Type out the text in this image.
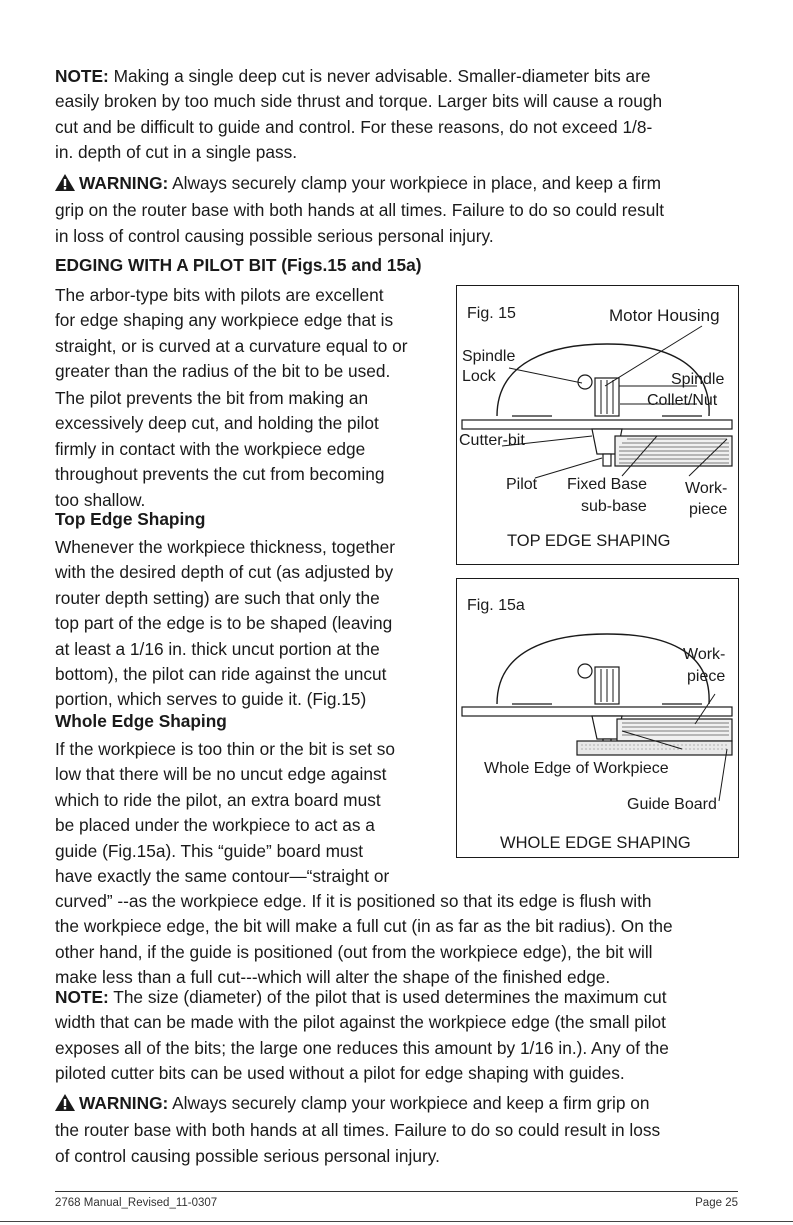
NOTE: Making a single deep cut is never advisable. Smaller-diameter bits are
easily broken by too much side thrust and torque. Larger bits will cause a rough
cut and be difficult to guide and control. For these reasons, do not exceed 1/8-
in. depth of cut in a single pass.

WARNING: Always securely clamp your workpiece in place, and keep a firm
grip on the router base with both hands at all times. Failure to do so could result
in loss of control causing possible serious personal injury.

EDGING WITH A PILOT BIT (Figs.15 and 15a)

The arbor-type bits with pilots are excellent
for edge shaping any workpiece edge that is
straight, or is curved at a curvature equal to or
greater than the radius of the bit to be used.

The pilot prevents the bit from making an
excessively deep cut, and holding the pilot
firmly in contact with the workpiece edge
throughout prevents the cut from becoming
too shallow.

Top Edge Shaping

Whenever the workpiece thickness, together
with the desired depth of cut (as adjusted by
router depth setting) are such that only the
top part of the edge is to be shaped (leaving
at least a 1/16 in. thick uncut portion at the
bottom), the pilot can ride against the uncut
portion, which serves to guide it. (Fig.15)

Whole Edge Shaping

If the workpiece is too thin or the bit is set so
low that there will be no uncut edge against
which to ride the pilot, an extra board must
be placed under the workpiece to act as a
guide (Fig.15a). This “guide” board must
have exactly the same contour—“straight or

curved” --as the workpiece edge. If it is positioned so that its edge is flush with
the workpiece edge, the bit will make a full cut (in as far as the bit radius). On the
other hand, if the guide is positioned (out from the workpiece edge), the bit will
make less than a full cut---which will alter the shape of the finished edge.

NOTE: The size (diameter) of the pilot that is used determines the maximum cut
width that can be made with the pilot against the workpiece edge (the small pilot
exposes all of the bits; the large one reduces this amount by 1/16 in.). Any of the
piloted cutter bits can be used without a pilot for edge shaping with guides.

WARNING: Always securely clamp your workpiece and keep a firm grip on
the router base with both hands at all times. Failure to do so could result in loss
of control causing possible serious personal injury.

Fig. 15	Motor Housing
Spindle
Lock	Spindle
Collet/Nut
Cutter-bit
Pilot Fixed Base
sub-base
Work-
piece
TOP EDGE SHAPING
Fig. 15a
Work-
piece
Whole Edge of Workpiece
Guide Board
WHOLE EDGE SHAPING
2768 Manual_Revised_11-0307	Page 25
